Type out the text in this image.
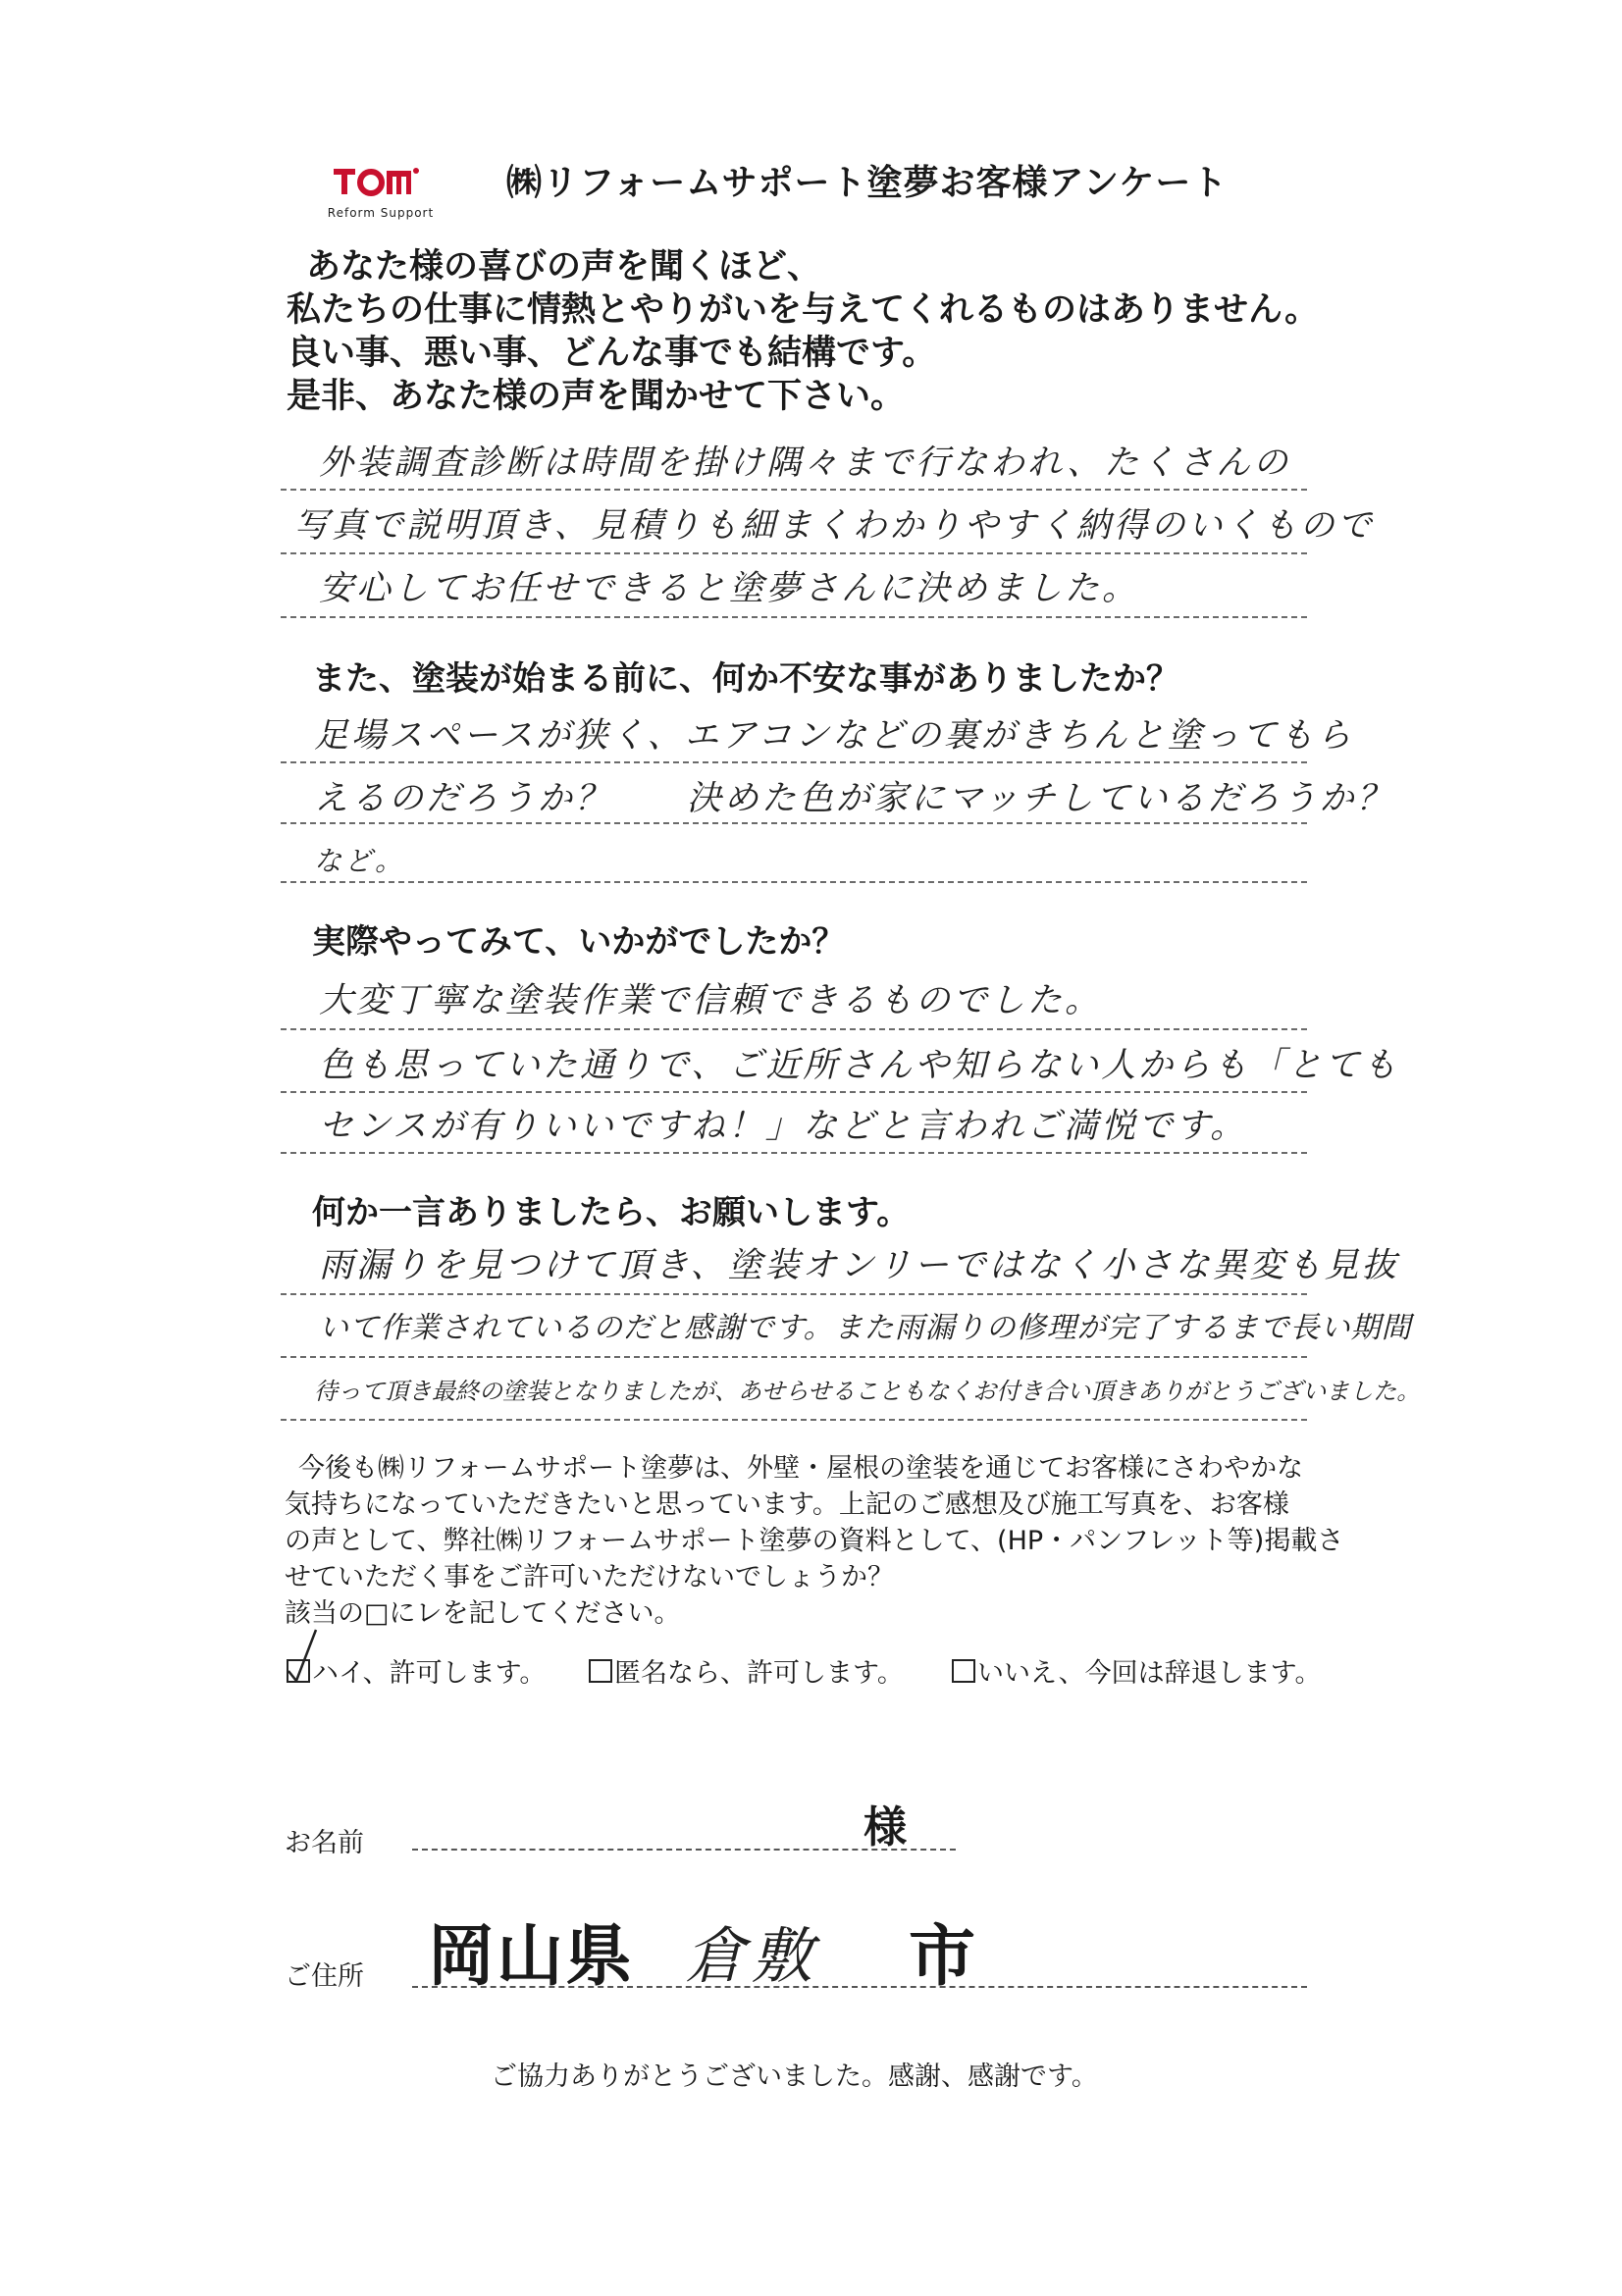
Reform Support
㈱リフォームサポート塗夢お客様アンケート
あなた様の喜びの声を聞くほど、
私たちの仕事に情熱とやりがいを与えてくれるものはありません。
良い事、悪い事、どんな事でも結構です。
是非、あなた様の声を聞かせて下さい。
外装調査診断は時間を掛け隅々まで行なわれ、たくさんの
写真で説明頂き、見積りも細まくわかりやすく納得のいくもので
安心してお任せできると塗夢さんに決めました。
また、塗装が始まる前に、何か不安な事がありましたか？
足場スペースが狭く、エアコンなどの裏がきちんと塗ってもら
えるのだろうか？　　決めた色が家にマッチしているだろうか？
など。
実際やってみて、いかがでしたか？
大変丁寧な塗装作業で信頼できるものでした。
色も思っていた通りで、ご近所さんや知らない人からも「とても
センスが有りいいですね！」などと言われご満悦です。
何か一言ありましたら、お願いします。
雨漏りを見つけて頂き、塗装オンリーではなく小さな異変も見抜
いて作業されているのだと感謝です。また雨漏りの修理が完了するまで長い期間
待って頂き最終の塗装となりましたが、あせらせることもなくお付き合い頂きありがとうございました。
今後も㈱リフォームサポート塗夢は、外壁・屋根の塗装を通じてお客様にさわやかな
気持ちになっていただきたいと思っています。上記のご感想及び施工写真を、お客様
の声として、弊社㈱リフォームサポート塗夢の資料として、(HP・パンフレット等)掲載さ
せていただく事をご許可いただけないでしょうか？
該当の□にレを記してください。
ハイ、許可します。	匿名なら、許可します。	いいえ、今回は辞退します。
お名前	様
ご住所 岡山県 倉敷 市
ご協力ありがとうございました。感謝、感謝です。
